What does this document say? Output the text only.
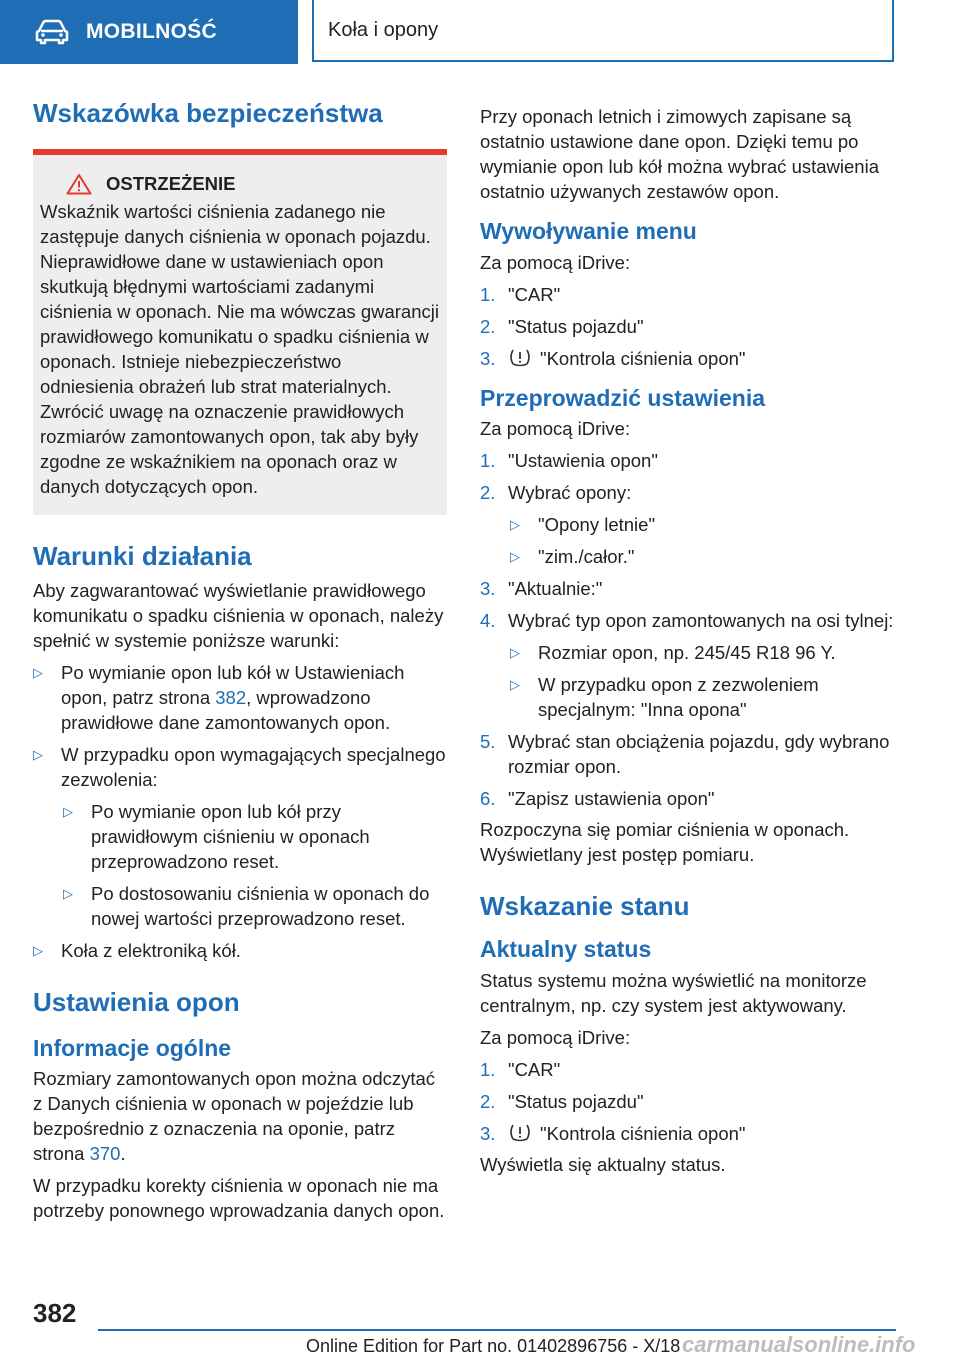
MOBILNOŚĆ	Koła i opony
Wskazówka bezpieczeństwa
OSTRZEŻENIE

Wskaźnik wartości ciśnienia zadanego nie zastępuje danych ciśnienia w oponach pojazdu. Nieprawidłowe dane w ustawieniach opon skutkują błędnymi wartościami zadanymi ciśnienia w oponach. Nie ma wówczas gwarancji prawidłowego komunikatu o spadku ciśnienia w oponach. Istnieje niebezpieczeństwo odniesienia obrażeń lub strat materialnych. Zwrócić uwagę na oznaczenie prawidłowych rozmiarów zamontowanych opon, tak aby były zgodne ze wskaźnikiem na oponach oraz w danych dotyczących opon.

Warunki działania

Aby zagwarantować wyświetlanie prawidłowego komunikatu o spadku ciśnienia w oponach, należy spełnić w systemie poniższe warunki:

▷ Po wymianie opon lub kół w Ustawieniach opon, patrz strona 382, wprowadzono prawidłowe dane zamontowanych opon.
▷ W przypadku opon wymagających specjalnego zezwolenia:
▷ Po wymianie opon lub kół przy prawidłowym ciśnieniu w oponach przeprowadzono reset.
▷ Po dostosowaniu ciśnienia w oponach do nowej wartości przeprowadzono reset.
▷ Koła z elektroniką kół.
Ustawienia opon
Informacje ogólne

Rozmiary zamontowanych opon można odczytać z Danych ciśnienia w oponach w pojeździe lub bezpośrednio z oznaczenia na oponie, patrz strona 370.

W przypadku korekty ciśnienia w oponach nie ma potrzeby ponownego wprowadzania danych opon.

Przy oponach letnich i zimowych zapisane są ostatnio ustawione dane opon. Dzięki temu po wymianie opon lub kół można wybrać ustawienia ostatnio używanych zestawów opon.

Wywoływanie menu

Za pomocą iDrive:

1. "CAR"
2. "Status pojazdu"
3.	"Kontrola ciśnienia opon"
Przeprowadzić ustawienia

Za pomocą iDrive:

1. "Ustawienia opon"
2. Wybrać opony:
▷ "Opony letnie"
▷ "zim./całor."
3. "Aktualnie:"
4. Wybrać typ opon zamontowanych na osi tylnej:
▷ Rozmiar opon, np. 245/45 R18 96 Y.
▷ W przypadku opon z zezwoleniem specjalnym: "Inna opona"
5. Wybrać stan obciążenia pojazdu, gdy wybrano rozmiar opon.
6. "Zapisz ustawienia opon"

Rozpoczyna się pomiar ciśnienia w oponach. Wyświetlany jest postęp pomiaru.

Wskazanie stanu
Aktualny status

Status systemu można wyświetlić na monitorze centralnym, np. czy system jest aktywowany.

Za pomocą iDrive:

1. "CAR"
2. "Status pojazdu"
3.	"Kontrola ciśnienia opon"

Wyświetla się aktualny status.

382
Online Edition for Part no. 01402896756 - X/18 carmanualsonline.info
